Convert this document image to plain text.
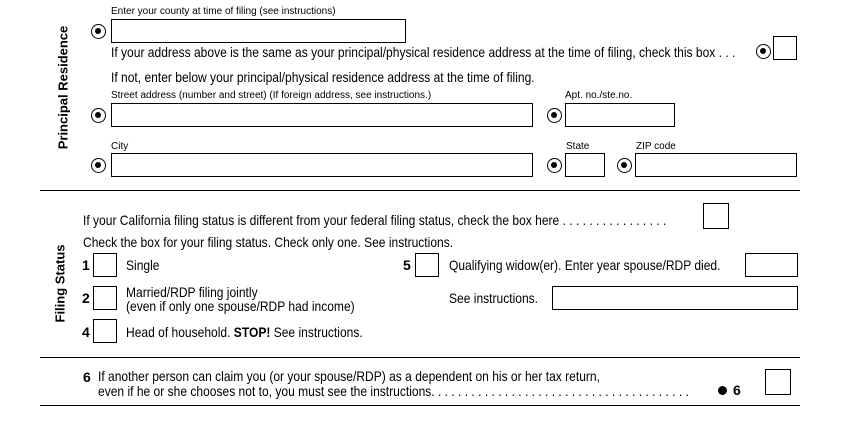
Principal Residence
Enter your county at time of filing (see instructions)
If your address above is the same as your principal/physical residence address at the time of filing, check this box . . .
If not, enter below your principal/physical residence address at the time of filing.
Street address (number and street) (If foreign address, see instructions.)	Apt. no./ste.no.
City	State	ZIP code
Filing Status
If your California filing status is different from your federal filing status, check the box here . . . . . . . . . . . . . . . .
Check the box for your filing status. Check only one. See instructions.
1	Single	5	Qualifying widow(er). Enter year spouse/RDP died.
2	Married/RDP filing jointly
(even if only one spouse/RDP had income)	See instructions.
4	Head of household. STOP! See instructions.
6 If another person can claim you (or your spouse/RDP) as a dependent on his or her tax return,
even if he or she chooses not to, you must see the instructions. . . . . . . . . . . . . . . . . . . . . . . . . . . . . . . . . . . . . . .	6
